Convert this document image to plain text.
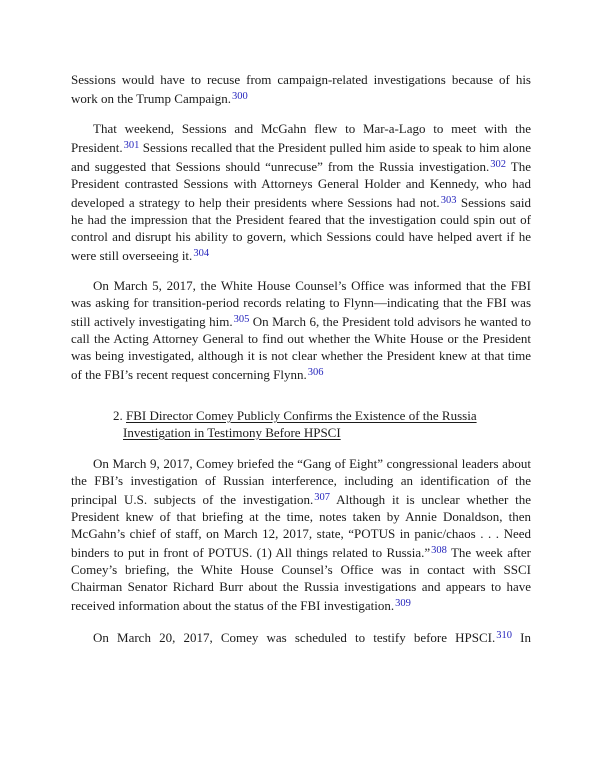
Sessions would have to recuse from campaign-related investigations because of his work on the Trump Campaign.$^{300}$

That weekend, Sessions and McGahn flew to Mar-a-Lago to meet with the President.$^{301}$ Sessions recalled that the President pulled him aside to speak to him alone and suggested that Sessions should “unrecuse” from the Russia investigation.$^{302}$ The President contrasted Sessions with Attorneys General Holder and Kennedy, who had developed a strategy to help their presidents where Sessions had not.$^{303}$ Sessions said he had the impression that the President feared that the investigation could spin out of control and disrupt his ability to govern, which Sessions could have helped avert if he were still overseeing it.$^{304}$

On March 5, 2017, the White House Counsel’s Office was informed that the FBI was asking for transition-period records relating to Flynn—indicating that the FBI was still actively investigating him.$^{305}$ On March 6, the President told advisors he wanted to call the Acting Attorney General to find out whether the White House or the President was being investigated, although it is not clear whether the President knew at that time of the FBI’s recent request concerning Flynn.$^{306}$

2. FBI Director Comey Publicly Confirms the Existence of the Russia Investigation in Testimony Before HPSCI

On March 9, 2017, Comey briefed the “Gang of Eight” congressional leaders about the FBI’s investigation of Russian interference, including an identification of the principal U.S. subjects of the investigation.$^{307}$ Although it is unclear whether the President knew of that briefing at the time, notes taken by Annie Donaldson, then McGahn’s chief of staff, on March 12, 2017, state, “POTUS in panic/chaos . . . Need binders to put in front of POTUS. (1) All things related to Russia.”$^{308}$ The week after Comey’s briefing, the White House Counsel’s Office was in contact with SSCI Chairman Senator Richard Burr about the Russia investigations and appears to have received information about the status of the FBI investigation.$^{309}$

On March 20, 2017, Comey was scheduled to testify before HPSCI.$^{310}$ In
